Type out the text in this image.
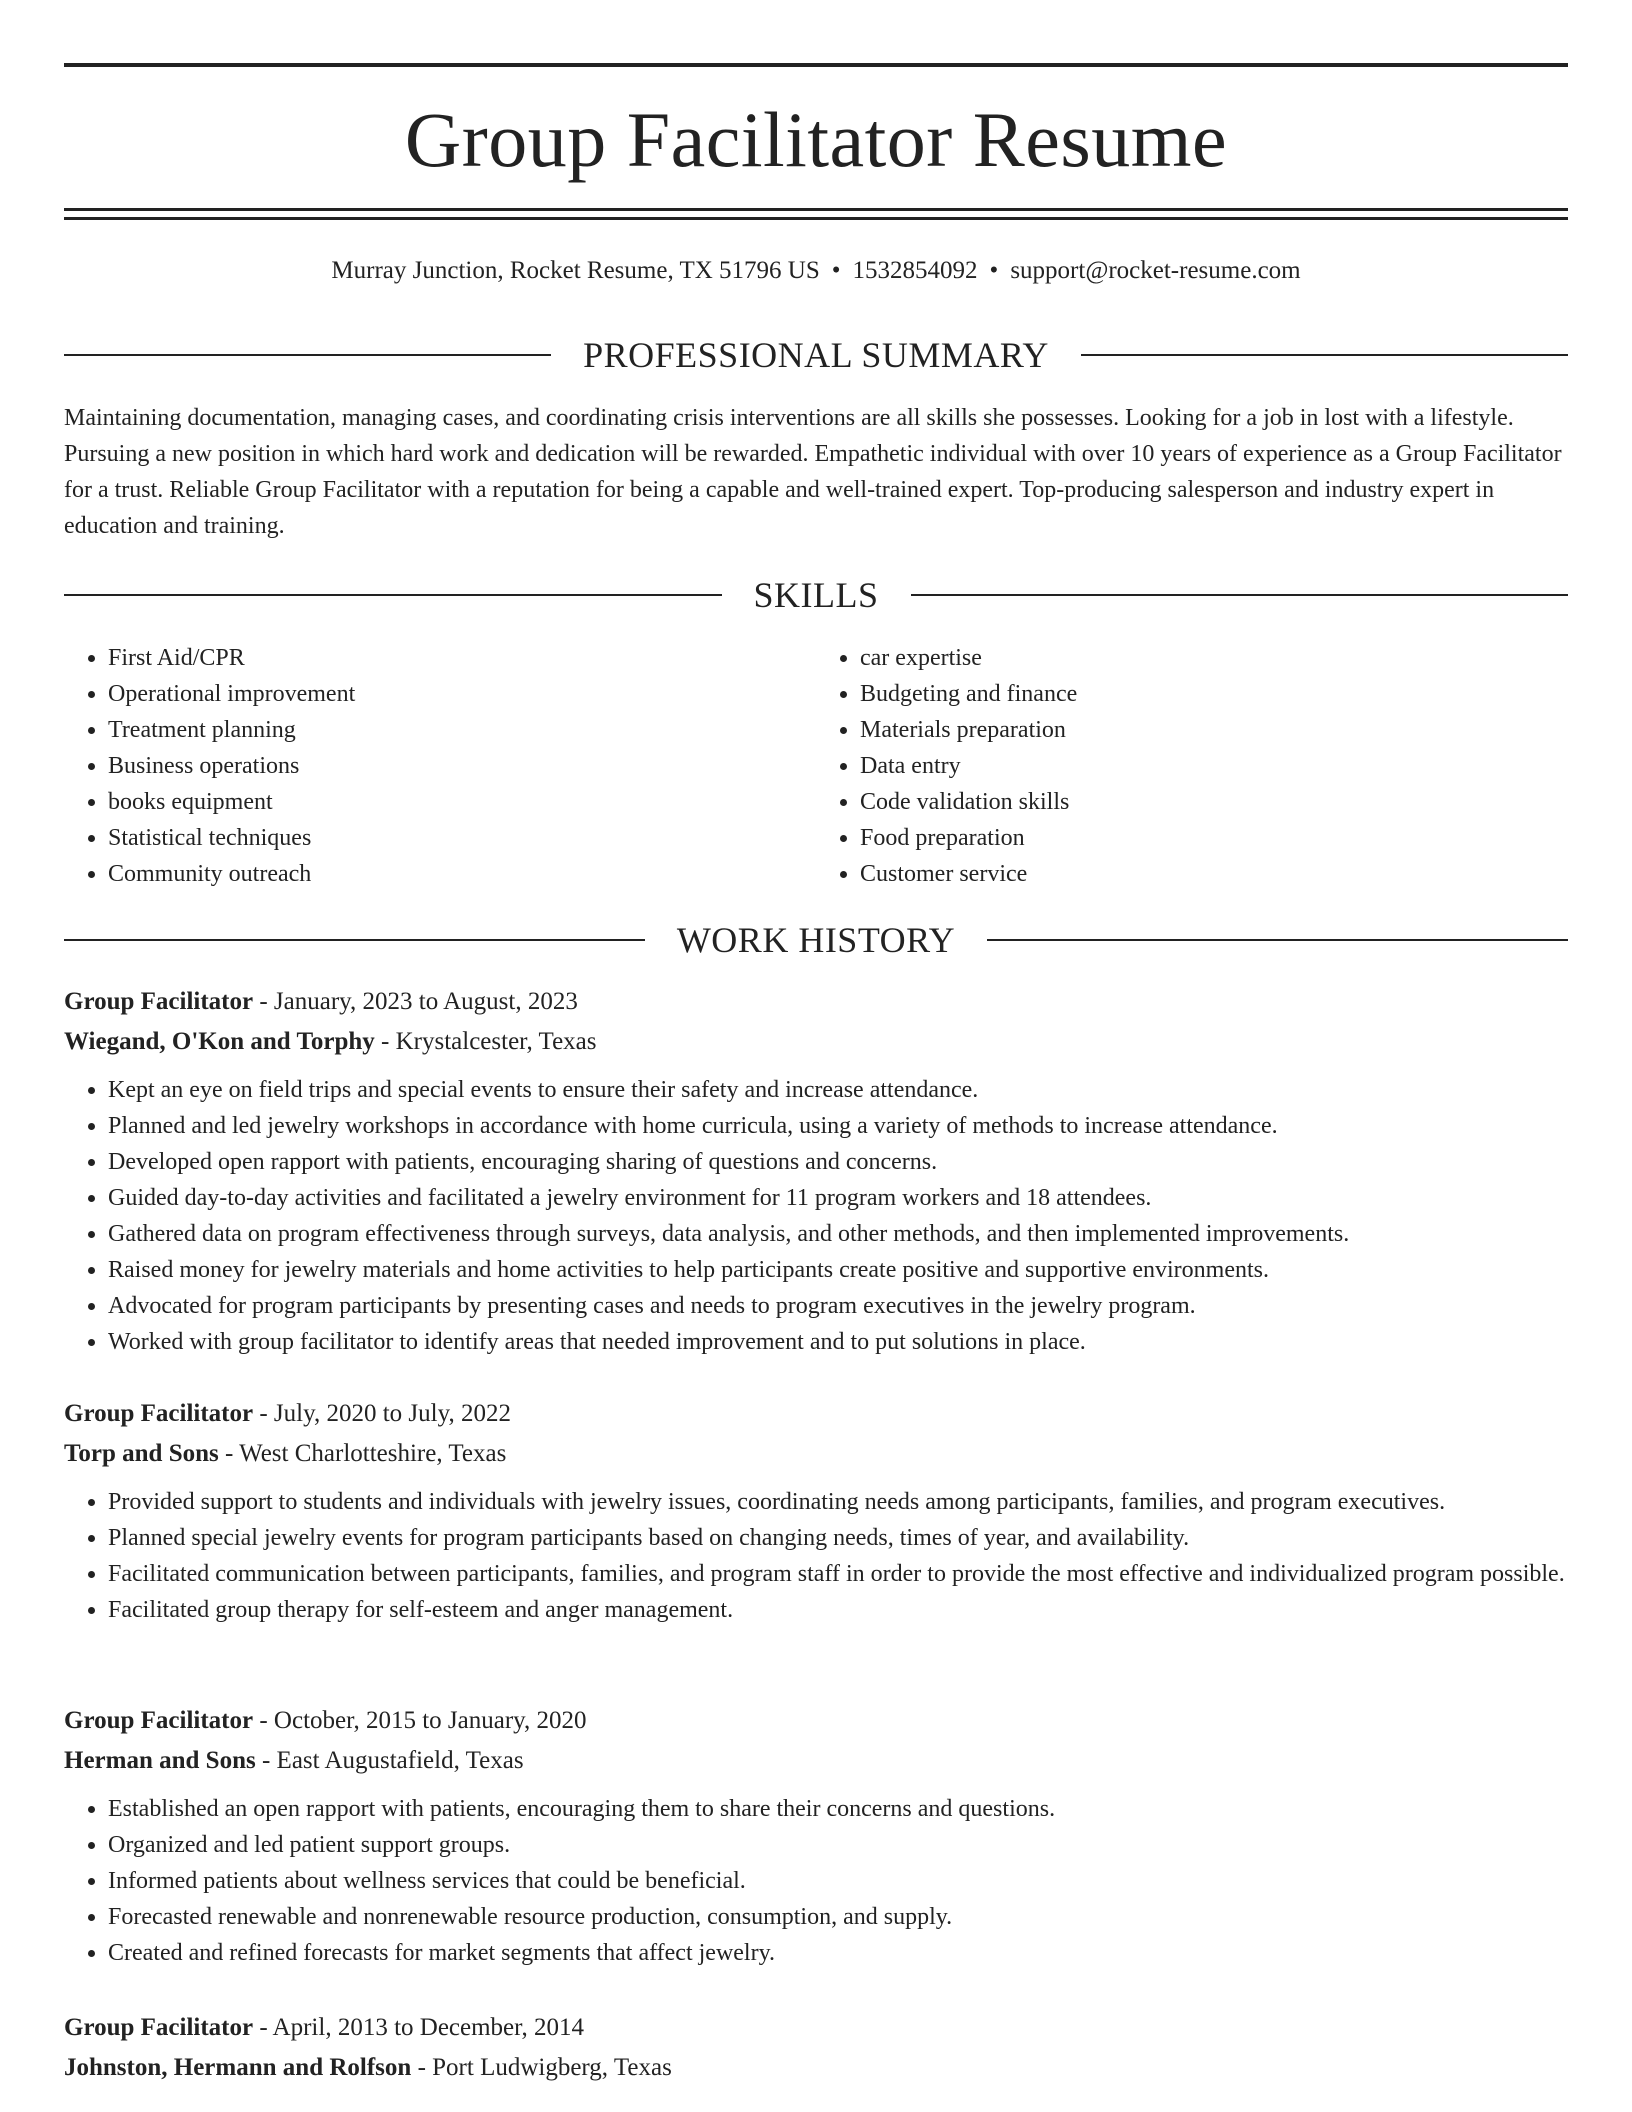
Group Facilitator Resume
Murray Junction, Rocket Resume, TX 51796 US • 1532854092 • support@rocket-resume.com
PROFESSIONAL SUMMARY

Maintaining documentation, managing cases, and coordinating crisis interventions are all skills she possesses. Looking for a job in lost with a lifestyle. Pursuing a new position in which hard work and dedication will be rewarded. Empathetic individual with over 10 years of experience as a Group Facilitator for a trust. Reliable Group Facilitator with a reputation for being a capable and well-trained expert. Top-producing salesperson and industry expert in education and training.

SKILLS
• First Aid/CPR
• Operational improvement
• Treatment planning
• Business operations
• books equipment
• Statistical techniques
• Community outreach
• car expertise
• Budgeting and finance
• Materials preparation
• Data entry
• Code validation skills
• Food preparation
• Customer service
WORK HISTORY
Group Facilitator - January, 2023 to August, 2023
Wiegand, O'Kon and Torphy - Krystalcester, Texas
• Kept an eye on field trips and special events to ensure their safety and increase attendance.
• Planned and led jewelry workshops in accordance with home curricula, using a variety of methods to increase attendance.
• Developed open rapport with patients, encouraging sharing of questions and concerns.
• Guided day-to-day activities and facilitated a jewelry environment for 11 program workers and 18 attendees.
• Gathered data on program effectiveness through surveys, data analysis, and other methods, and then implemented improvements.
• Raised money for jewelry materials and home activities to help participants create positive and supportive environments.
• Advocated for program participants by presenting cases and needs to program executives in the jewelry program.
• Worked with group facilitator to identify areas that needed improvement and to put solutions in place.
Group Facilitator - July, 2020 to July, 2022
Torp and Sons - West Charlotteshire, Texas
• Provided support to students and individuals with jewelry issues, coordinating needs among participants, families, and program executives.
• Planned special jewelry events for program participants based on changing needs, times of year, and availability.
• Facilitated communication between participants, families, and program staff in order to provide the most effective and individualized program possible.
• Facilitated group therapy for self-esteem and anger management.
Group Facilitator - October, 2015 to January, 2020
Herman and Sons - East Augustafield, Texas
• Established an open rapport with patients, encouraging them to share their concerns and questions.
• Organized and led patient support groups.
• Informed patients about wellness services that could be beneficial.
• Forecasted renewable and nonrenewable resource production, consumption, and supply.
• Created and refined forecasts for market segments that affect jewelry.
Group Facilitator - April, 2013 to December, 2014
Johnston, Hermann and Rolfson - Port Ludwigberg, Texas
